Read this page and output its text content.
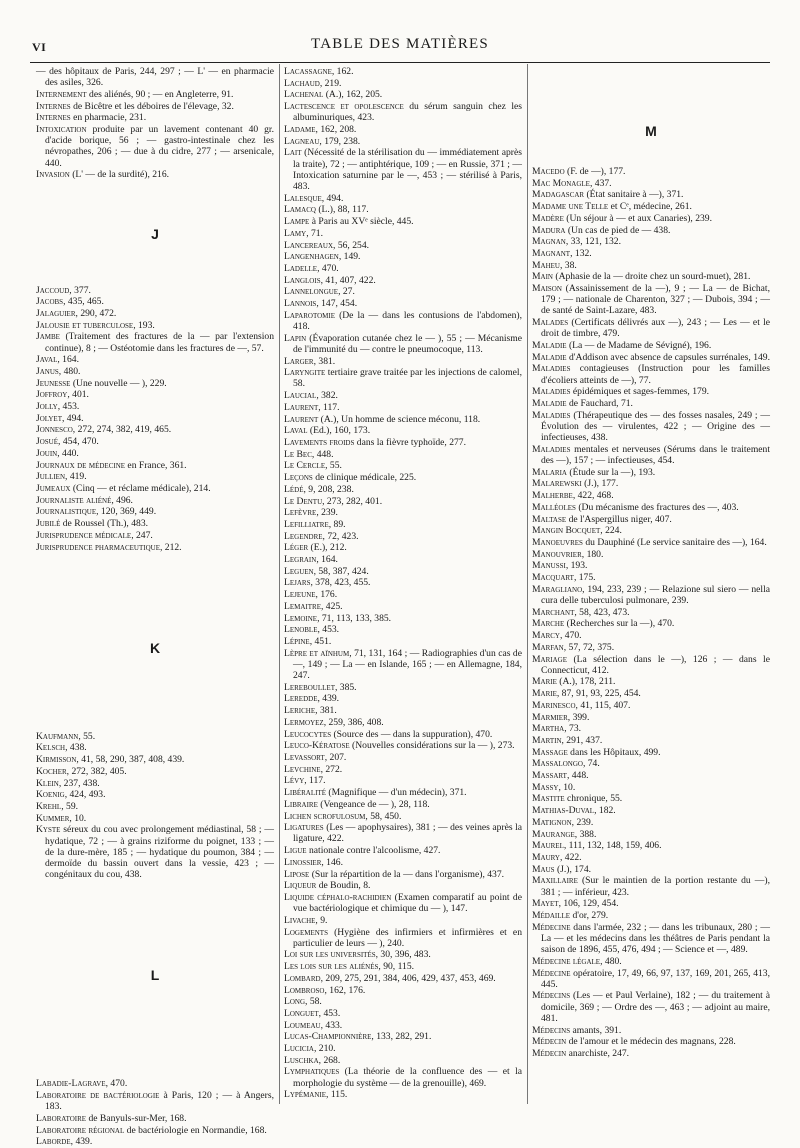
VI	TABLE DES MATIÈRES
— des hôpitaux de Paris, 244, 297 ; — L' — en pharmacie des asiles, 326.
Internement des aliénés, 90 ; — en Angleterre, 91.
Internes de Bicêtre et les déboires de l'élevage, 32.
Internes en pharmacie, 231.
Intoxication produite par un lavement contenant 40 gr. d'acide borique, 56 ; — gastro-intestinale chez les névropathes, 206 ; — due à du cidre, 277 ; — arsenicale, 440.
Invasion (L' — de la surdité), 216.
J
Jaccoud, 377.
Jacobs, 435, 465.
Jalaguier, 290, 472.
Jalousie et tuberculose, 193.
Jambe (Traitement des fractures de la — par l'extension continue), 8 ; — Ostéotomie dans les fractures de —, 57.
Javal, 164.
Janus, 480.
Jeunesse (Une nouvelle — ), 229.
Joffroy, 401.
Jolly, 453.
Jolyet, 494.
Jonnesco, 272, 274, 382, 419, 465.
Josué, 454, 470.
Jouin, 440.
Journaux de médecine en France, 361.
Jullien, 419.
Jumeaux (Cinq — et réclame médicale), 214.
Journaliste aliéné, 496.
Journalistique, 120, 369, 449.
Jubilé de Roussel (Th.), 483.
Jurisprudence médicale, 247.
Jurisprudence pharmaceutique, 212.
K
Kaufmann, 55.
Kelsch, 438.
Kirmisson, 41, 58, 290, 387, 408, 439.
Kocher, 272, 382, 405.
Klein, 237, 438.
Koenig, 424, 493.
Krehl, 59.
Kummer, 10.
Kyste séreux du cou avec prolongement médiastinal, 58 ; — hydatique, 72 ; — à grains riziforme du poignet, 133 ; — de la dure-mère, 185 ; — hydatique du poumon, 384 ; — dermoïde du bassin ouvert dans la vessie, 423 ; — congénitaux du cou, 438.
L
Labadie-Lagrave, 470.
Laboratoire de bactériologie à Paris, 120 ; — à Angers, 183.
Laboratoire de Banyuls-sur-Mer, 168.
Laboratoire régional de bactériologie en Normandie, 168.
Laborde, 439.
Lacassagne, 162.
Lachaud, 219.
Lachenal (A.), 162, 205.
Lactescence et opolescence du sérum sanguin chez les albuminuriques, 423.
Ladame, 162, 208.
Lagneau, 179, 238.
Lait (Nécessité de la stérilisation du — immédiatement après la traite), 72 ; — antiphtérique, 109 ; — en Russie, 371 ; — Intoxication saturnine par le —, 453 ; — stérilisé à Paris, 483.
Lalesque, 494.
Lamacq (L.), 88, 117.
Lampe à Paris au XVᵉ siècle, 445.
Lamy, 71.
Lancereaux, 56, 254.
Langenhagen, 149.
Ladelle, 470.
Langlois, 41, 407, 422.
Lannelongue, 27.
Lannois, 147, 454.
Laparotomie (De la — dans les contusions de l'abdomen), 418.
Lapin (Évaporation cutanée chez le — ), 55 ; — Mécanisme de l'immunité du — contre le pneumocoque, 113.
Larger, 381.
Laryngite tertiaire grave traitée par les injections de calomel, 58.
Laucial, 382.
Laurent, 117.
Laurent (A.), Un homme de science méconu, 118.
Laval (Ed.), 160, 173.
Lavements froids dans la fièvre typhoïde, 277.
Le Bec, 448.
Le Cercle, 55.
Leçons de clinique médicale, 225.
Lédé, 9, 208, 238.
Le Dentu, 273, 282, 401.
Lefèvre, 239.
Lefilliatre, 89.
Legendre, 72, 423.
Léger (E.), 212.
Legrain, 164.
Leguen, 58, 387, 424.
Lejars, 378, 423, 455.
Lejeune, 176.
Lemaitre, 425.
Lemoine, 71, 113, 133, 385.
Lenoble, 453.
Lépine, 451.
Lèpre et aïnhum, 71, 131, 164 ; — Radiographies d'un cas de —, 149 ; — La — en Islande, 165 ; — en Allemagne, 184, 247.
Lereboullet, 385.
Leredde, 439.
Leriche, 381.
Lermoyez, 259, 386, 408.
Leucocytes (Source des — dans la suppuration), 470.
Leuco-Kératose (Nouvelles considérations sur la — ), 273.
Levassort, 207.
Levchine, 272.
Lévy, 117.
Libéralité (Magnifique — d'un médecin), 371.
Libraire (Vengeance de — ), 28, 118.
Lichen scrofulosum, 58, 450.
Ligatures (Les — apophysaires), 381 ; — des veines après la ligature, 422.
Ligue nationale contre l'alcoolisme, 427.
Linossier, 146.
Lipose (Sur la répartition de la — dans l'organisme), 437.
Liqueur de Boudin, 8.
Liquide céphalo-rachidien (Examen comparatif au point de vue bactériologique et chimique du — ), 147.
Livache, 9.
Logements (Hygiène des infirmiers et infirmières et en particulier de leurs — ), 240.
Loi sur les universités, 30, 396, 483.
Les lois sur les aliénés, 90, 115.
Lombard, 209, 275, 291, 384, 406, 429, 437, 453, 469.
Lombroso, 162, 176.
Long, 58.
Longuet, 453.
Loumeau, 433.
Lucas-Championnière, 133, 282, 291.
Lucicia, 210.
Luschka, 268.
Lymphatiques (La théorie de la confluence des — et la morphologie du système — de la grenouille), 469.
Lypémanie, 115.
M
Macedo (F. de —), 177.
Mac Monagle, 437.
Madagascar (État sanitaire à —), 371.
Madame une Telle et Cᵉ, médecine, 261.
Madère (Un séjour à — et aux Canaries), 239.
Madura (Un cas de pied de — 438.
Magnan, 33, 121, 132.
Magnant, 132.
Maheu, 38.
Main (Aphasie de la — droite chez un sourd-muet), 281.
Maison (Assainissement de la —), 9 ; — La — de Bichat, 179 ; — nationale de Charenton, 327 ; — Dubois, 394 ; — de santé de Saint-Lazare, 483.
Malades (Certificats délivrés aux —), 243 ; — Les — et le droit de timbre, 479.
Maladie (La — de Madame de Sévigné), 196.
Maladie d'Addison avec absence de capsules surrénales, 149.
Maladies contagieuses (Instruction pour les familles d'écoliers atteints de —), 77.
Maladies épidémiques et sages-femmes, 179.
Maladie de Fauchard, 71.
Maladies (Thérapeutique des — des fosses nasales, 249 ; — Évolution des — virulentes, 422 ; — Origine des — infectieuses, 438.
Maladies mentales et nerveuses (Sérums dans le traitement des —), 157 ; — infectieuses, 454.
Malaria (Étude sur la —), 193.
Malarewski (J.), 177.
Malherbe, 422, 468.
Malléoles (Du mécanisme des fractures des —, 403.
Maltase de l'Aspergillus niger, 407.
Mangin Bocquet, 224.
Manoeuvres du Dauphiné (Le service sanitaire des —), 164.
Manouvrier, 180.
Manussi, 193.
Macquart, 175.
Maragliano, 194, 233, 239 ; — Relazione sul siero — nella cura delle tuberculosi pulmonare, 239.
Marchant, 58, 423, 473.
Marche (Recherches sur la —), 470.
Marcy, 470.
Marfan, 57, 72, 375.
Mariage (La sélection dans le —), 126 ; — dans le Connecticut, 412.
Marie (A.), 178, 211.
Marie, 87, 91, 93, 225, 454.
Marinesco, 41, 115, 407.
Marmier, 399.
Martha, 73.
Martin, 291, 437.
Massage dans les Hôpitaux, 499.
Massalongo, 74.
Massart, 448.
Massy, 10.
Mastite chronique, 55.
Mathias-Duval, 182.
Matignon, 239.
Maurange, 388.
Maurel, 111, 132, 148, 159, 406.
Maury, 422.
Maus (J.), 174.
Maxillaire (Sur le maintien de la portion restante du —), 381 ; — inférieur, 423.
Mayet, 106, 129, 454.
Médaille d'or, 279.
Médecine dans l'armée, 232 ; — dans les tribunaux, 280 ; — La — et les médecins dans les théâtres de Paris pendant la saison de 1896, 455, 476, 494 ; — Science et —, 489.
Médecine légale, 480.
Médecine opératoire, 17, 49, 66, 97, 137, 169, 201, 265, 413, 445.
Médecins (Les — et Paul Verlaine), 182 ; — du traitement à domicile, 369 ; — Ordre des —, 463 ; — adjoint au maire, 481.
Médecins amants, 391.
Médecin de l'amour et le médecin des magnans, 228.
Médecin anarchiste, 247.
